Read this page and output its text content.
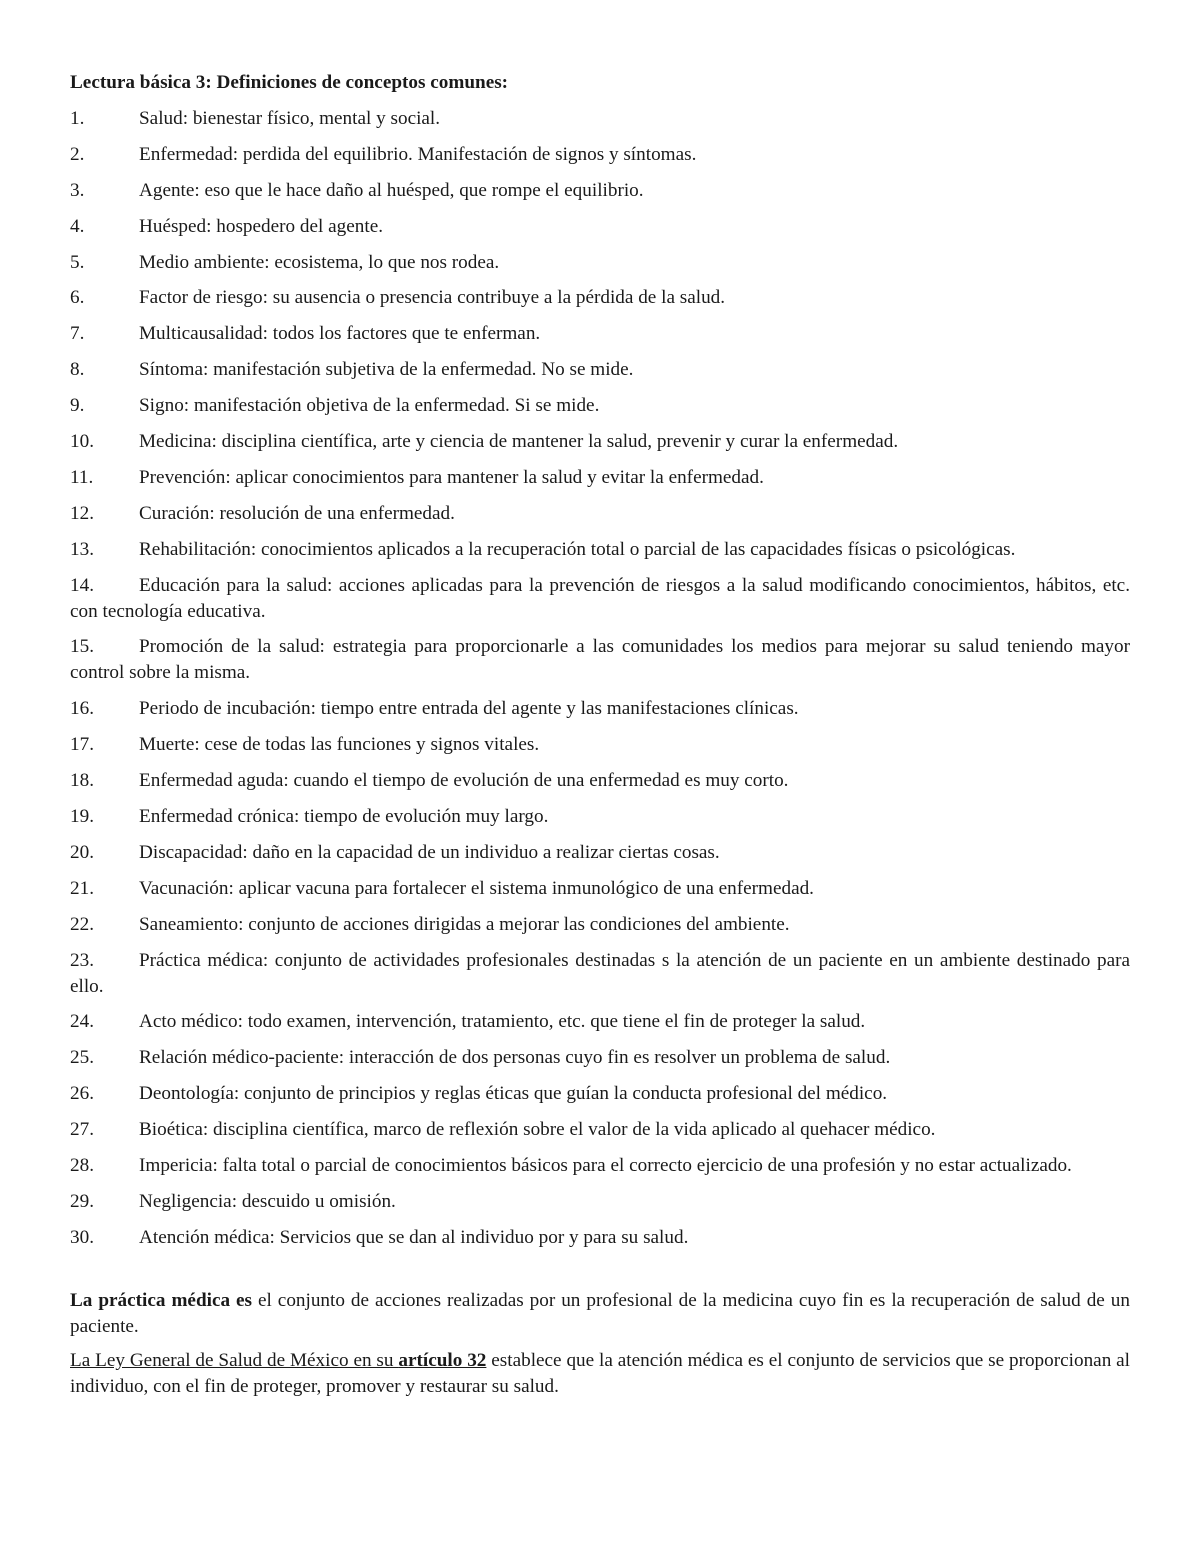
Lectura básica 3: Definiciones de conceptos comunes:
1.	Salud: bienestar físico, mental y social.
2.	Enfermedad: perdida del equilibrio. Manifestación de signos y síntomas.
3.	Agente: eso que le hace daño al huésped, que rompe el equilibrio.
4.	Huésped: hospedero del agente.
5.	Medio ambiente: ecosistema, lo que nos rodea.
6.	Factor de riesgo: su ausencia o presencia contribuye a la pérdida de la salud.
7.	Multicausalidad: todos los factores que te enferman.
8.	Síntoma: manifestación subjetiva de la enfermedad. No se mide.
9.	Signo: manifestación objetiva de la enfermedad. Si se mide.
10. Medicina: disciplina científica, arte y ciencia de mantener la salud, prevenir y curar la enfermedad.
11. Prevención: aplicar conocimientos para mantener la salud y evitar la enfermedad.
12. Curación: resolución de una enfermedad.
13. Rehabilitación: conocimientos aplicados a la recuperación total o parcial de las capacidades físicas o psicológicas.
14. Educación para la salud: acciones aplicadas para la prevención de riesgos a la salud modificando conocimientos, hábitos, etc. con tecnología educativa.
15. Promoción de la salud: estrategia para proporcionarle a las comunidades los medios para mejorar su salud teniendo mayor control sobre la misma.
16. Periodo de incubación: tiempo entre entrada del agente y las manifestaciones clínicas.
17. Muerte: cese de todas las funciones y signos vitales.
18. Enfermedad aguda: cuando el tiempo de evolución de una enfermedad es muy corto.
19. Enfermedad crónica: tiempo de evolución muy largo.
20. Discapacidad: daño en la capacidad de un individuo a realizar ciertas cosas.
21. Vacunación: aplicar vacuna para fortalecer el sistema inmunológico de una enfermedad.
22. Saneamiento: conjunto de acciones dirigidas a mejorar las condiciones del ambiente.
23. Práctica médica: conjunto de actividades profesionales destinadas s la atención de un paciente en un ambiente destinado para ello.
24. Acto médico: todo examen, intervención, tratamiento, etc. que tiene el fin de proteger la salud.
25. Relación médico-paciente: interacción de dos personas cuyo fin es resolver un problema de salud.
26. Deontología: conjunto de principios y reglas éticas que guían la conducta profesional del médico.
27. Bioética: disciplina científica, marco de reflexión sobre el valor de la vida aplicado al quehacer médico.
28. Impericia: falta total o parcial de conocimientos básicos para el correcto ejercicio de una profesión y no estar actualizado.
29. Negligencia: descuido u omisión.
30. Atención médica: Servicios que se dan al individuo por y para su salud.

La práctica médica es el conjunto de acciones realizadas por un profesional de la medicina cuyo fin es la recuperación de salud de un paciente.

La Ley General de Salud de México en su artículo 32 establece que la atención médica es el conjunto de servicios que se proporcionan al individuo, con el fin de proteger, promover y restaurar su salud.
